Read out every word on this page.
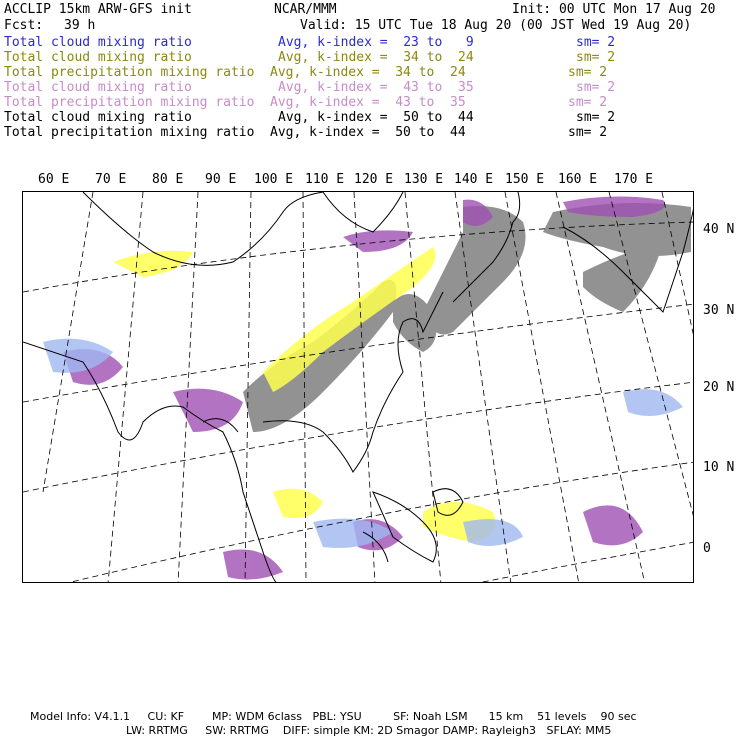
ACCLIP 15km ARW-GFS init	NCAR/MMM	Init: 00 UTC Mon 17 Aug 20
Fcst: 39 h	Valid: 15 UTC Tue 18 Aug 20 (00 JST Wed 19 Aug 20)
Total cloud mixing ratio	Avg, k-index =  23 to   9	sm= 2
Total cloud mixing ratio	Avg, k-index =  34 to  24	sm= 2
Total precipitation mixing ratio Avg, k-index =  34 to  24	sm= 2
Total cloud mixing ratio	Avg, k-index =  43 to  35	sm= 2
Total precipitation mixing ratio Avg, k-index =  43 to  35	sm= 2
Total cloud mixing ratio	Avg, k-index =  50 to  44	sm= 2
Total precipitation mixing ratio Avg, k-index =  50 to  44	sm= 2
60 E 70 E 80 E 90 E 100 E 110 E 120 E 130 E 140 E 150 E 160 E 170 E
40 N
30 N
20 N
10 N
0
Model Info: V4.1.1     CU: KF        MP: WDM 6class   PBL: YSU         SF: Noah LSM      15 km    51 levels    90 sec
LW: RRTMG     SW: RRTMG    DIFF: simple KM: 2D Smagor DAMP: Rayleigh3   SFLAY: MM5
